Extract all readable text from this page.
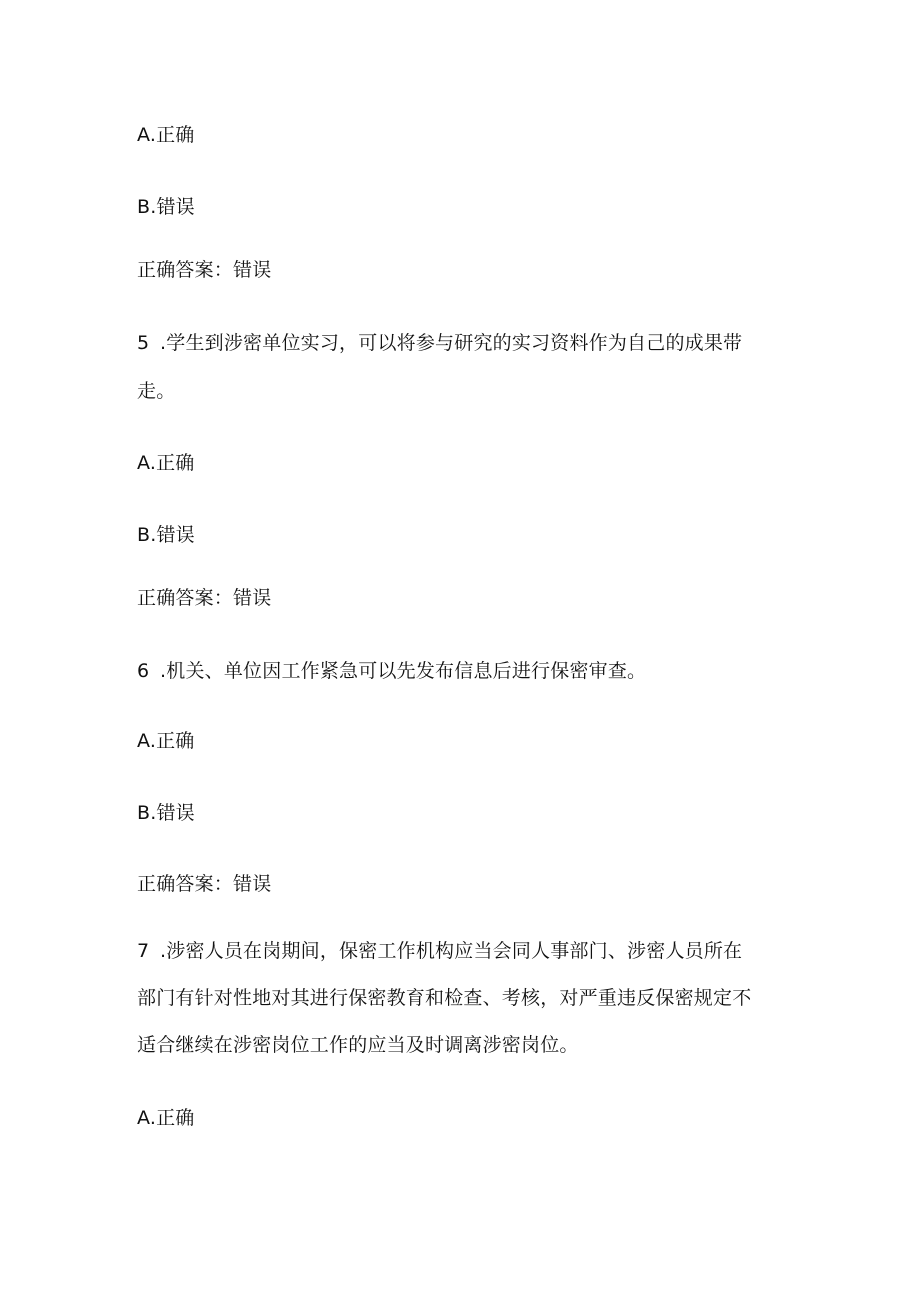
A.正确
B.错误
正确答案：错误
5 .学生到涉密单位实习，可以将参与研究的实习资料作为自己的成果带
走。
A.正确
B.错误
正确答案：错误
6 .机关、单位因工作紧急可以先发布信息后进行保密审查。
A.正确
B.错误
正确答案：错误
7 .涉密人员在岗期间，保密工作机构应当会同人事部门、涉密人员所在
部门有针对性地对其进行保密教育和检查、考核，对严重违反保密规定不
适合继续在涉密岗位工作的应当及时调离涉密岗位。
A.正确
